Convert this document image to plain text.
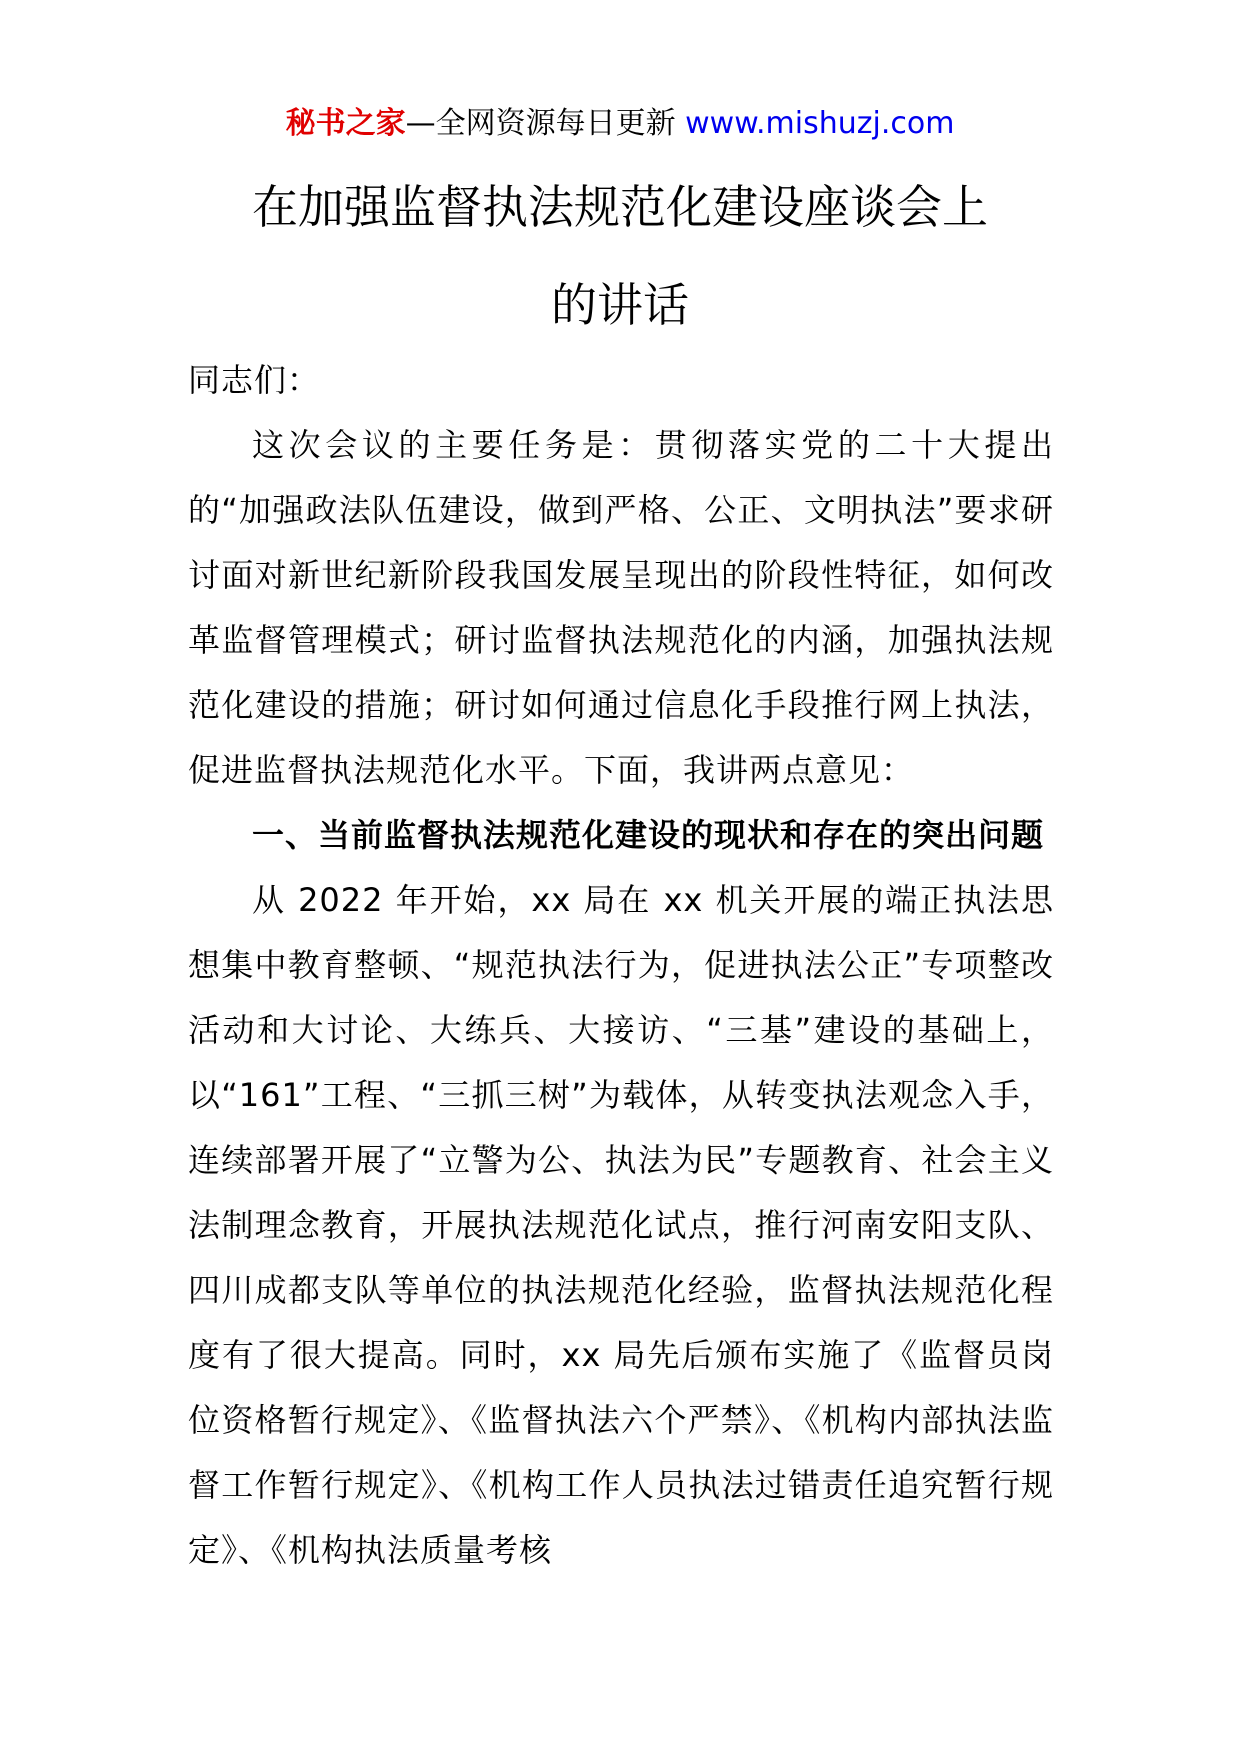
秘书之家—全网资源每日更新 www.mishuzj.com
在加强监督执法规范化建设座谈会上
的讲话

同志们：

这次会议的主要任务是：贯彻落实党的二十大提出的“加强政法队伍建设，做到严格、公正、文明执法”要求研讨面对新世纪新阶段我国发展呈现出的阶段性特征，如何改革监督管理模式；研讨监督执法规范化的内涵，加强执法规范化建设的措施；研讨如何通过信息化手段推行网上执法，促进监督执法规范化水平。下面，我讲两点意见：

一、当前监督执法规范化建设的现状和存在的突出问题

从 2022 年开始，xx 局在 xx 机关开展的端正执法思想集中教育整顿、“规范执法行为，促进执法公正”专项整改活动和大讨论、大练兵、大接访、“三基”建设的基础上，以“161”工程、“三抓三树”为载体，从转变执法观念入手，连续部署开展了“立警为公、执法为民”专题教育、社会主义法制理念教育，开展执法规范化试点，推行河南安阳支队、四川成都支队等单位的执法规范化经验，监督执法规范化程度有了很大提高。同时，xx 局先后颁布实施了《监督员岗位资格暂行规定》、《监督执法六个严禁》、《机构内部执法监督工作暂行规定》、《机构工作人员执法过错责任追究暂行规定》、《机构执法质量考核
